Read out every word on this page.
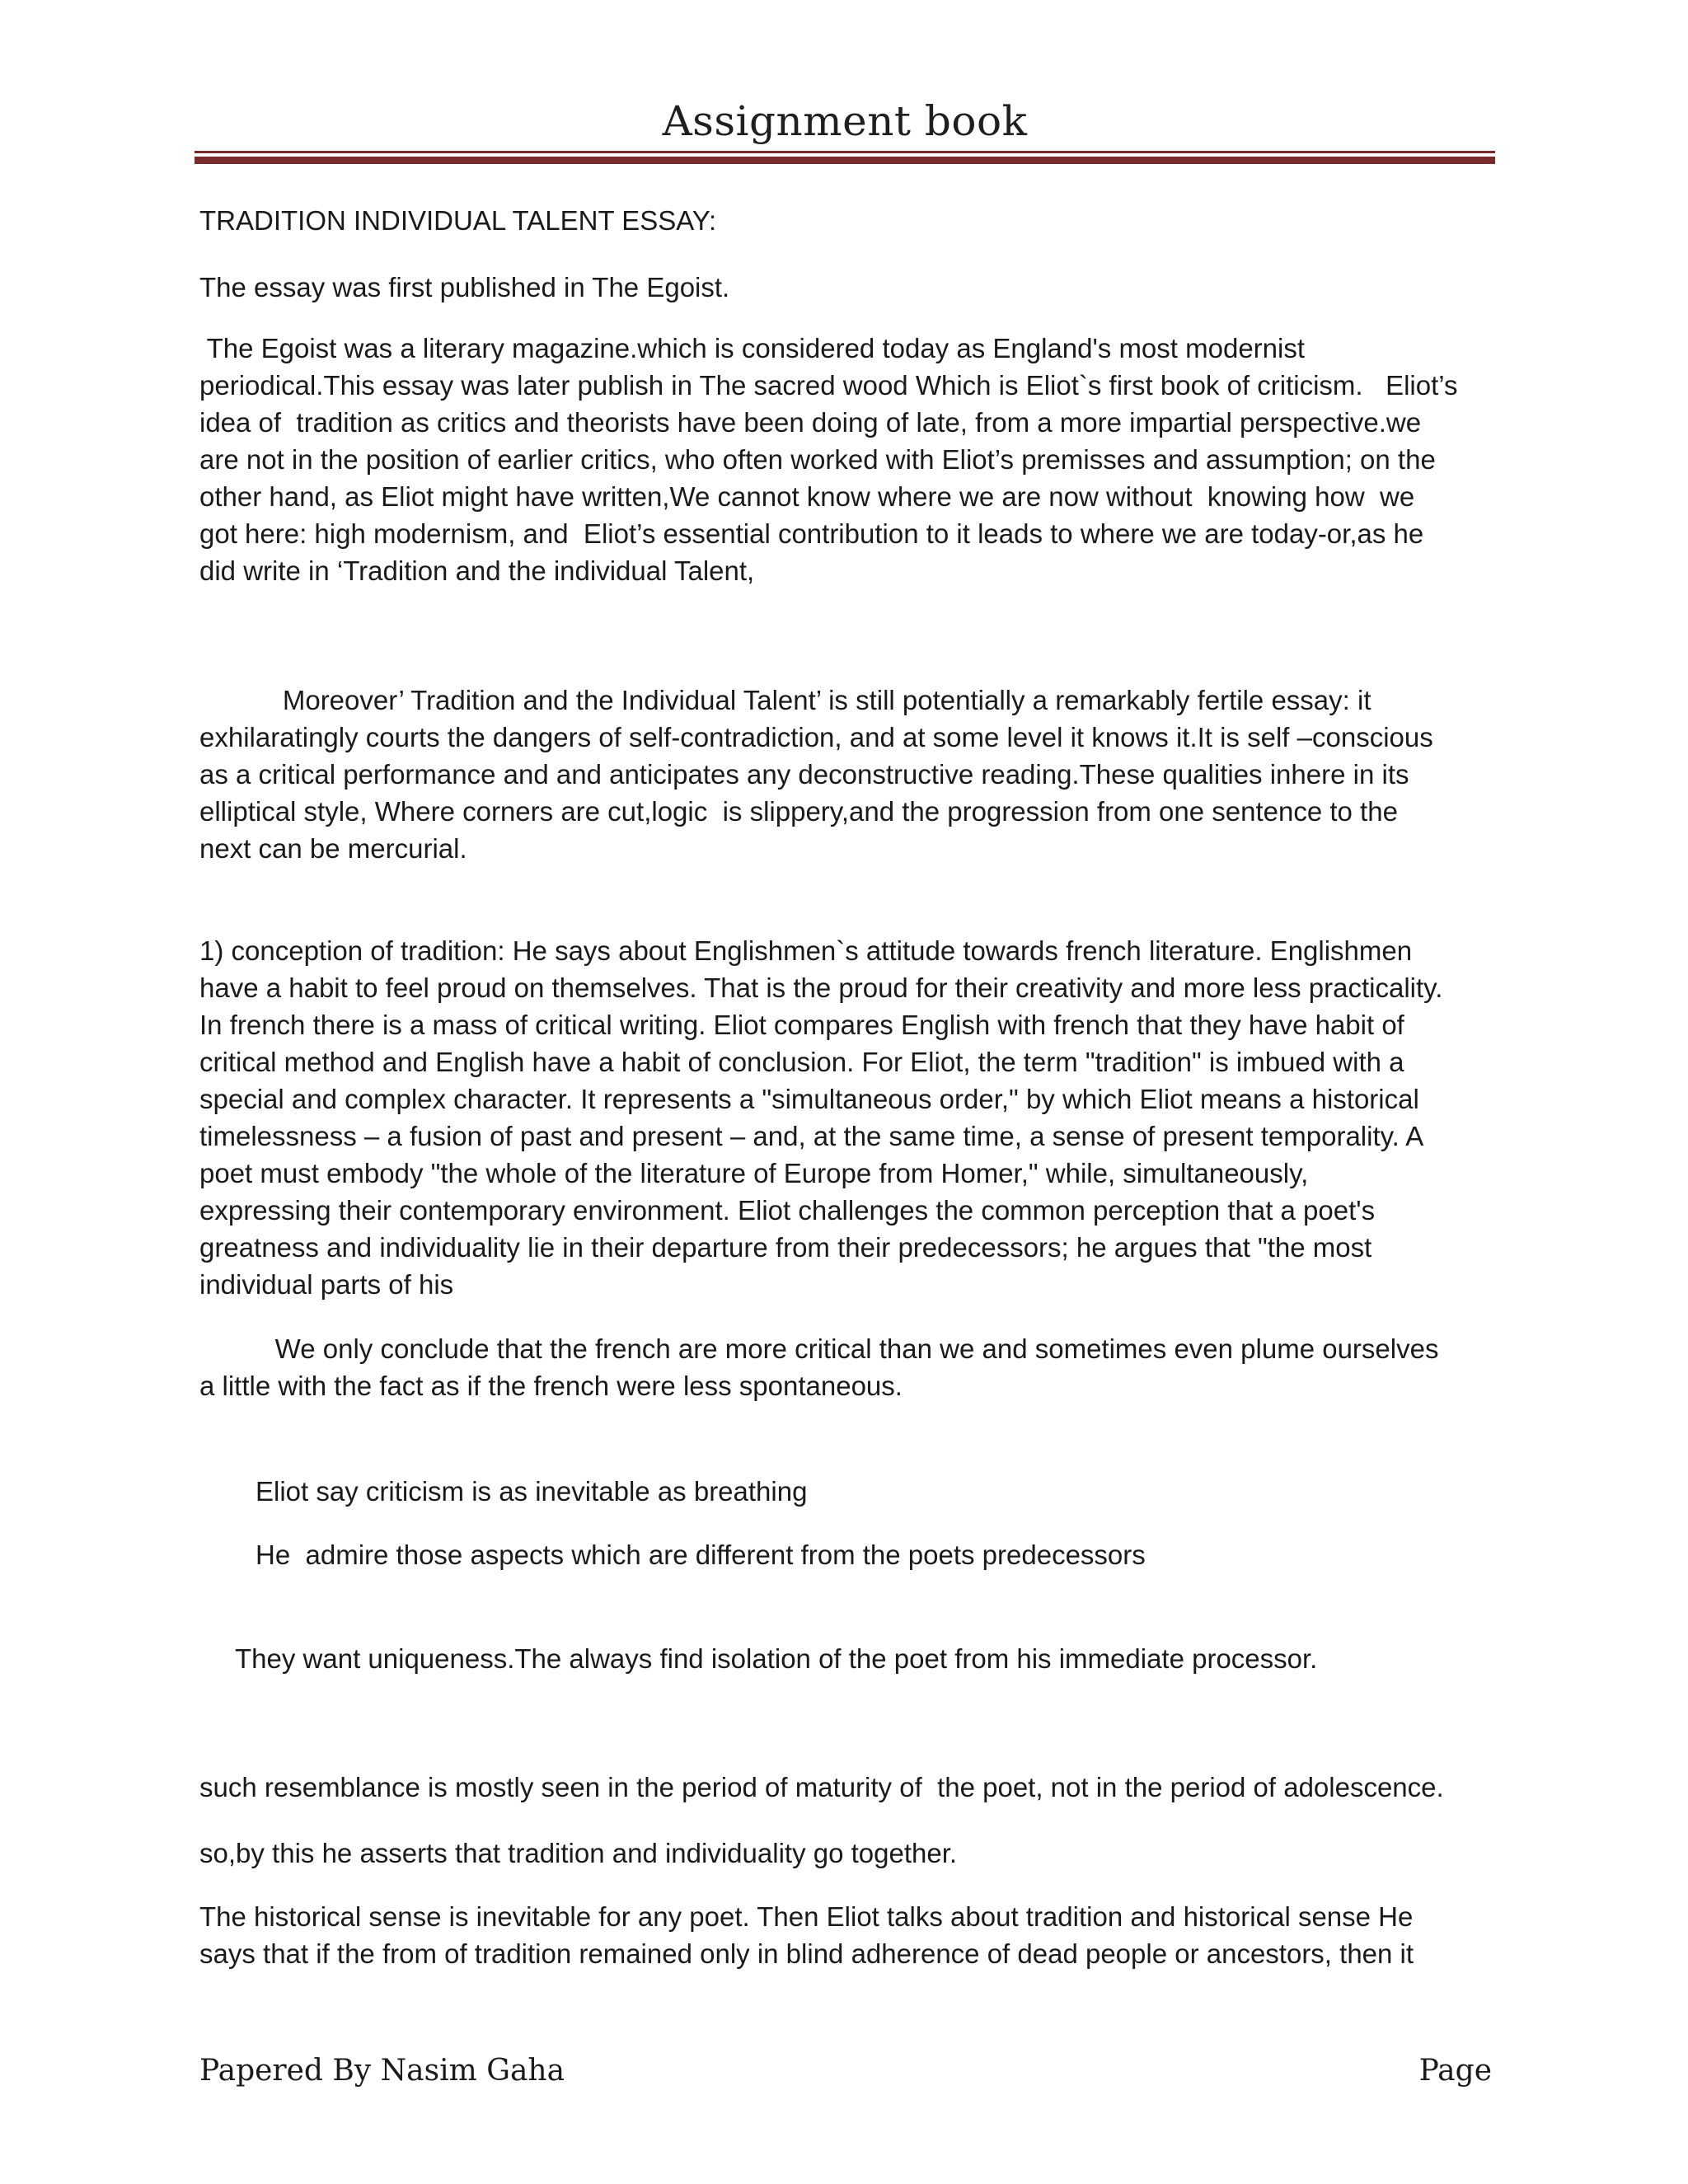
Assignment book
TRADITION INDIVIDUAL TALENT ESSAY:
The essay was first published in The Egoist.
The Egoist was a literary magazine.which is considered today as England's most modernist
periodical.This essay was later publish in The sacred wood Which is Eliot`s first book of criticism.   Eliot’s
idea of  tradition as critics and theorists have been doing of late, from a more impartial perspective.we
are not in the position of earlier critics, who often worked with Eliot’s premisses and assumption; on the
other hand, as Eliot might have written,We cannot know where we are now without  knowing how  we
got here: high modernism, and  Eliot’s essential contribution to it leads to where we are today-or,as he
did write in ‘Tradition and the individual Talent,
Moreover’ Tradition and the Individual Talent’ is still potentially a remarkably fertile essay: it
exhilaratingly courts the dangers of self-contradiction, and at some level it knows it.It is self –conscious
as a critical performance and and anticipates any deconstructive reading.These qualities inhere in its
elliptical style, Where corners are cut,logic  is slippery,and the progression from one sentence to the
next can be mercurial.
1) conception of tradition: He says about Englishmen`s attitude towards french literature. Englishmen
have a habit to feel proud on themselves. That is the proud for their creativity and more less practicality.
In french there is a mass of critical writing. Eliot compares English with french that they have habit of
critical method and English have a habit of conclusion. For Eliot, the term "tradition" is imbued with a
special and complex character. It represents a "simultaneous order," by which Eliot means a historical
timelessness – a fusion of past and present – and, at the same time, a sense of present temporality. A
poet must embody "the whole of the literature of Europe from Homer," while, simultaneously,
expressing their contemporary environment. Eliot challenges the common perception that a poet's
greatness and individuality lie in their departure from their predecessors; he argues that "the most
individual parts of his
We only conclude that the french are more critical than we and sometimes even plume ourselves
a little with the fact as if the french were less spontaneous.
Eliot say criticism is as inevitable as breathing
He  admire those aspects which are different from the poets predecessors
They want uniqueness.The always find isolation of the poet from his immediate processor.
such resemblance is mostly seen in the period of maturity of  the poet, not in the period of adolescence.
so,by this he asserts that tradition and individuality go together.
The historical sense is inevitable for any poet. Then Eliot talks about tradition and historical sense He
says that if the from of tradition remained only in blind adherence of dead people or ancestors, then it
Papered By Nasim Gaha	Page
